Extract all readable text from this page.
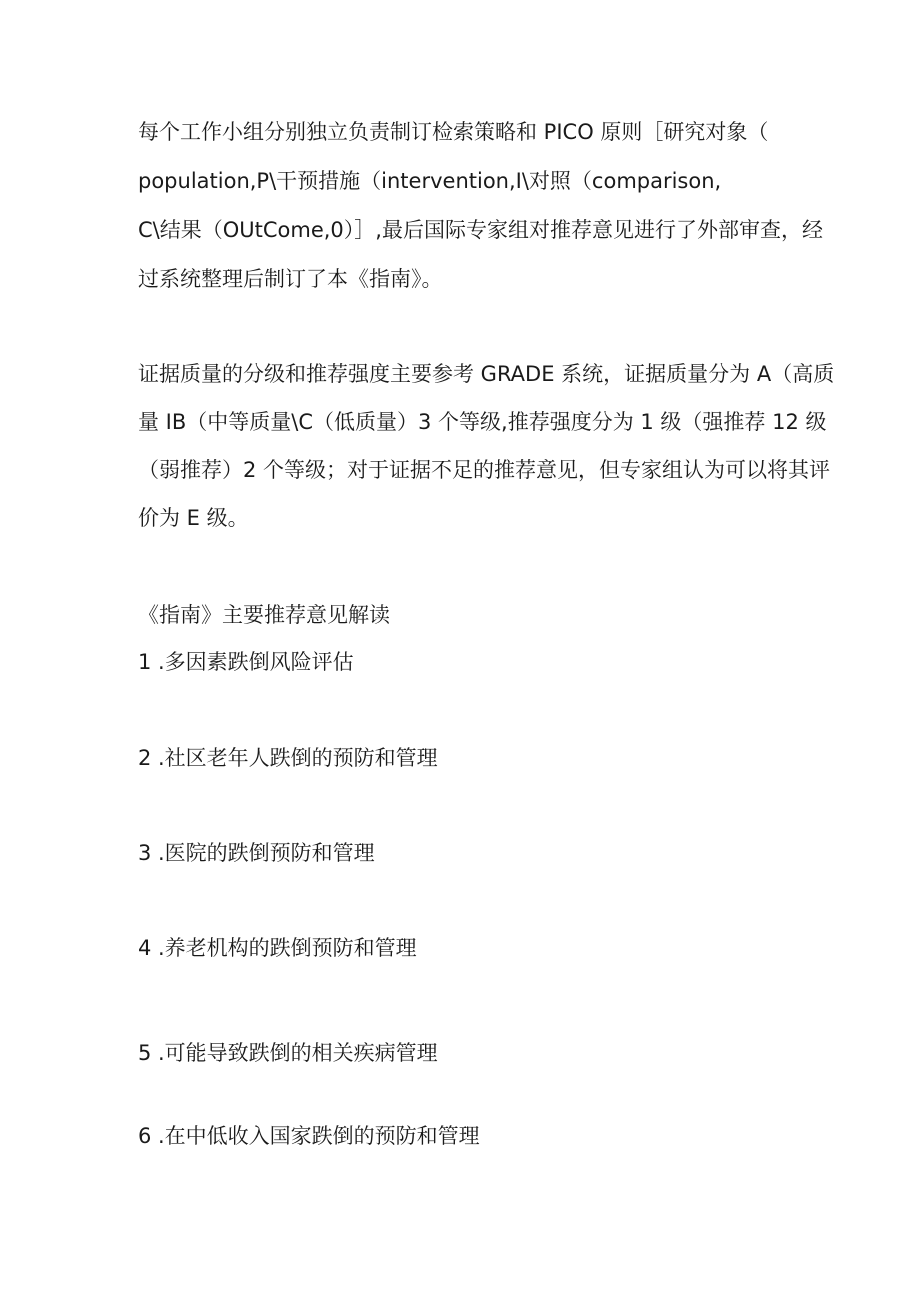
每个工作小组分别独立负责制订检索策略和 PICO 原则［研究对象（
population,P\干预措施（intervention,I\对照（comparison,
C\结果（OUtCome,0）］,最后国际专家组对推荐意见进行了外部审查，经
过系统整理后制订了本《指南》。
证据质量的分级和推荐强度主要参考 GRADE 系统，证据质量分为 A（高质
量 IB（中等质量\C（低质量）3 个等级,推荐强度分为 1 级（强推荐 12 级
（弱推荐）2 个等级；对于证据不足的推荐意见，但专家组认为可以将其评
价为 E 级。
《指南》主要推荐意见解读
1 .多因素跌倒风险评估
2 .社区老年人跌倒的预防和管理
3 .医院的跌倒预防和管理
4 .养老机构的跌倒预防和管理
5 .可能导致跌倒的相关疾病管理
6 .在中低收入国家跌倒的预防和管理
